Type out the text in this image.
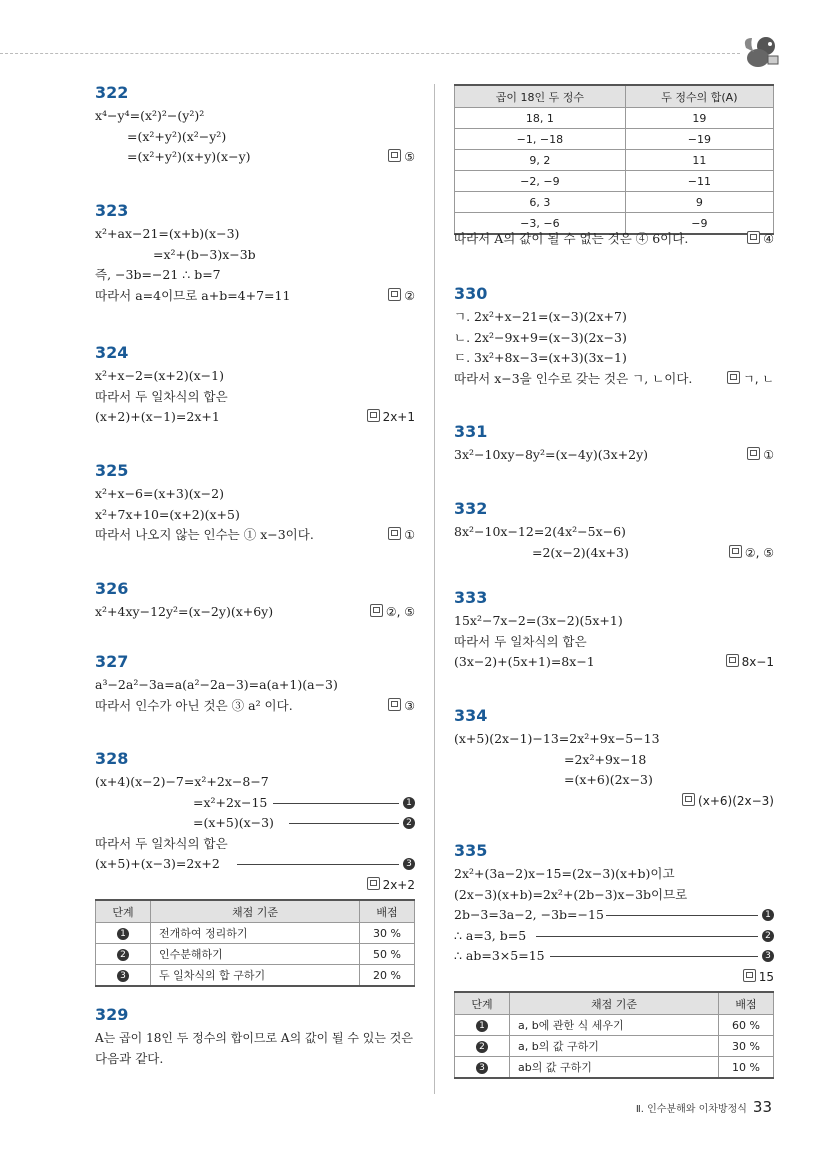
322
x⁴−y⁴=(x²)²−(y²)²
=(x²+y²)(x²−y²)
=(x²+y²)(x+y)(x−y)	⑤
323
x²+ax−21=(x+b)(x−3)
=x²+(b−3)x−3b
즉, −3b=−21 ∴ b=7
따라서 a=4이므로 a+b=4+7=11	②
324
x²+x−2=(x+2)(x−1)
따라서 두 일차식의 합은
(x+2)+(x−1)=2x+1	2x+1
325
x²+x−6=(x+3)(x−2)
x²+7x+10=(x+2)(x+5)
따라서 나오지 않는 인수는 ① x−3이다.	①
326
x²+4xy−12y²=(x−2y)(x+6y)	②, ⑤
327
a³−2a²−3a=a(a²−2a−3)=a(a+1)(a−3)
따라서 인수가 아닌 것은 ③ a² 이다.	③
328
(x+4)(x−2)−7=x²+2x−8−7
=x²+2x−15	1
=(x+5)(x−3)	2
따라서 두 일차식의 합은
(x+5)+(x−3)=2x+2	3
2x+2
단계	채점 기준	배점
1	전개하여 정리하기	30 %
2	인수분해하기	50 %
3	두 일차식의 합 구하기	20 %
329
A는 곱이 18인 두 정수의 합이므로 A의 값이 될 수 있는 것은
다음과 같다.
곱이 18인 두 정수	두 정수의 합(A)
18, 1	19
−1, −18	−19
9, 2	11
−2, −9	−11
6, 3	9
−3, −6	−9
따라서 A의 값이 될 수 없는 것은 ④ 6이다.	④
330
ㄱ. 2x²+x−21=(x−3)(2x+7)
ㄴ. 2x²−9x+9=(x−3)(2x−3)
ㄷ. 3x²+8x−3=(x+3)(3x−1)
따라서 x−3을 인수로 갖는 것은 ㄱ, ㄴ이다.	ㄱ, ㄴ
331
3x²−10xy−8y²=(x−4y)(3x+2y)	①
332
8x²−10x−12=2(4x²−5x−6)
=2(x−2)(4x+3)	②, ⑤
333
15x²−7x−2=(3x−2)(5x+1)
따라서 두 일차식의 합은
(3x−2)+(5x+1)=8x−1	8x−1
334
(x+5)(2x−1)−13=2x²+9x−5−13
=2x²+9x−18
=(x+6)(2x−3)
(x+6)(2x−3)
335
2x²+(3a−2)x−15=(2x−3)(x+b)이고
(2x−3)(x+b)=2x²+(2b−3)x−3b이므로
2b−3=3a−2, −3b=−15	1
∴ a=3, b=5	2
∴ ab=3×5=15	3
15
단계	채점 기준	배점
1	a, b에 관한 식 세우기	60 %
2	a, b의 값 구하기	30 %
3	ab의 값 구하기	10 %
Ⅱ. 인수분해와 이차방정식 33
